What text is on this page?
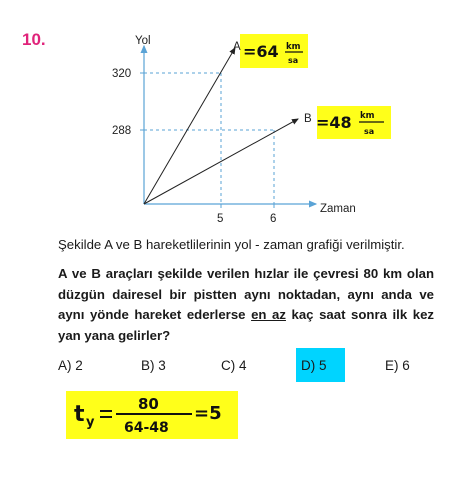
10.	Yol
Zaman
320
288
5	6
A =64 km
sa
B =48 km
sa
Şekilde A ve B hareketlilerinin yol - zaman grafiği verilmiştir.
A ve B araçları şekilde verilen hızlar ile çevresi 80 km olan düzgün dairesel bir pistten aynı noktadan, aynı anda ve aynı yönde hareket ederlerse en az kaç saat sonra ilk kez yan yana gelirler?
A) 2	B) 3	C) 4	D) 5	E) 6
t y
80
64-48
=5
